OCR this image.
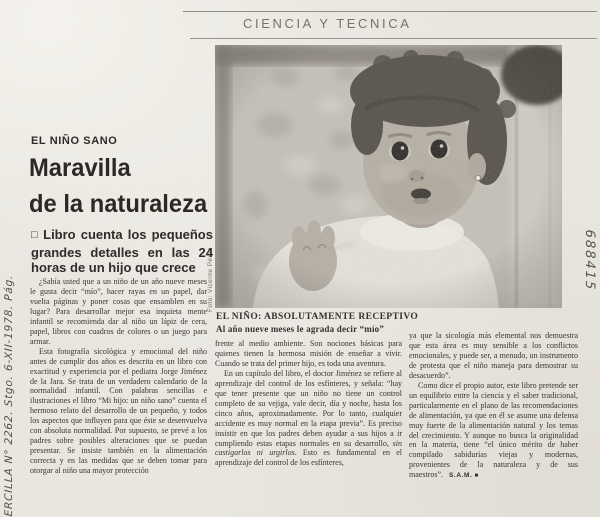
CIENCIA Y TECNICA
Foto: Vicente Pérez
EL NIÑO: ABSOLUTAMENTE RECEPTIVO
Al año nueve meses le agrada decir “mío”
EL NIÑO SANO
Maravilla
de la naturaleza
□ Libro cuenta los pequeños grandes detalles en las 24 horas de un hijo que crece

¿Sabía usted que a un niño de un año nueve meses le gusta decir “mío”, hacer rayas en un papel, dar vuelta páginas y poner cosas que ensamblen en su lugar? Para desarrollar mejor esa inquieta mente infantil se recomienda dar al niño un lápiz de cera, papel, libros con cuadros de colores o un juego para armar.

Esta fotografía sicológica y emocional del niño antes de cumplir dos años es descrita en un libro con exactitud y experiencia por el pediatra Jorge Jiménez de la Jara. Se trata de un verdadero calendario de la normalidad infantil. Con palabras sencillas e ilustraciones el libro “Mi hijo: un niño sano” cuenta el hermoso relato del desarrollo de un pequeño, y todos los aspectos que influyen para que éste se desenvuelva con absoluta normalidad. Por supuesto, se prevé a los padres sobre posibles alteraciones que se puedan presentar. Se insiste también en la alimentación correcta y en las medidas que se deben tomar para otorgar al niño una mayor protección

frente al medio ambiente. Son nociones básicas para quienes tienen la hermosa misión de enseñar a vivir. Cuando se trata del primer hijo, es toda una aventura.

En un capítulo del libro, el doctor Jiménez se refiere al aprendizaje del control de los esfínteres, y señala: “hay que tener presente que un niño no tiene un control completo de su vejiga, vale decir, día y noche, hasta los cinco años, aproximadamente. Por lo tanto, cualquier accidente es muy normal en la etapa previa”. Es preciso insistir en que los padres deben ayudar a sus hijos a ir cumpliendo estas etapas normales en su desarrollo, sin castigarlos ni urgirlos. Esto es fundamental en el aprendizaje del control de los esfínteres,

ya que la sicología más elemental nos demuestra que esta área es muy sensible a los conflictos emocionales, y puede ser, a menudo, un instrumento de protesta que el niño maneja para demostrar su desacuerdo”.

Como dice el propio autor, este libro pretende ser un equilibrio entre la ciencia y el saber tradicional, particularmente en el plano de las recomendaciones de alimentación, ya que en él se asume una defensa muy fuerte de la alimentación natural y los temas del crecimiento. Y aunque no busca la originalidad en la materia, tiene “el único mérito de haber compilado sabidurías viejas y modernas, provenientes de la naturaleza y de sus maestros”. S.A.M. ■

ERCILLA N° 2262. Stgo. 6-XII-1978. Pág.
688415
